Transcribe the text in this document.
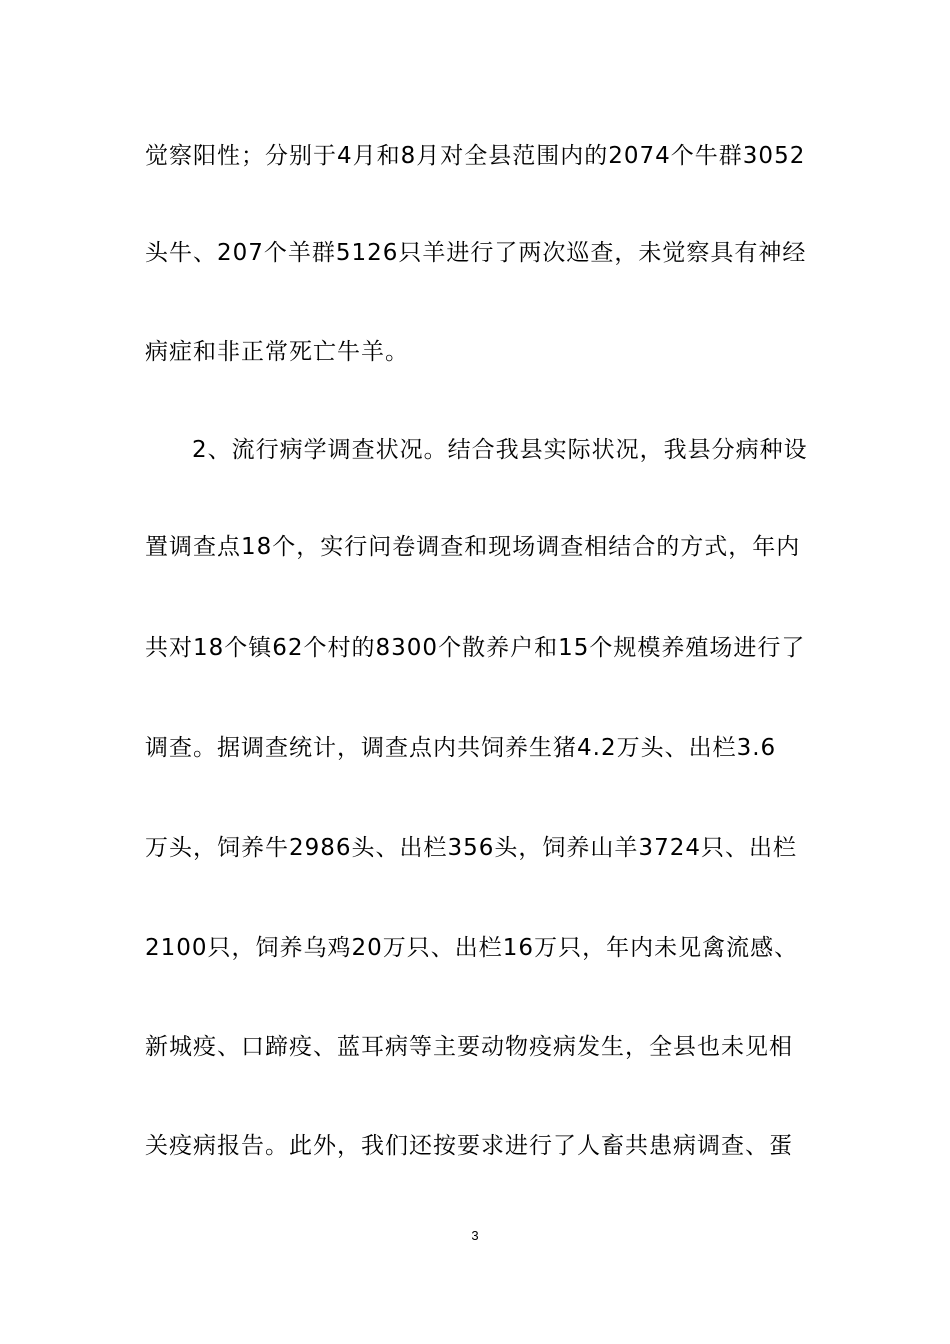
觉察阳性；分别于4月和8月对全县范围内的2074个牛群3052
头牛、207个羊群5126只羊进行了两次巡查，未觉察具有神经
病症和非正常死亡牛羊。
2、流行病学调查状况。结合我县实际状况，我县分病种设
置调查点18个，实行问卷调查和现场调查相结合的方式，年内
共对18个镇62个村的8300个散养户和15个规模养殖场进行了
调查。据调查统计，调查点内共饲养生猪4.2万头、出栏3.6
万头，饲养牛2986头、出栏356头，饲养山羊3724只、出栏
2100只，饲养乌鸡20万只、出栏16万只，年内未见禽流感、
新城疫、口蹄疫、蓝耳病等主要动物疫病发生，全县也未见相
关疫病报告。此外，我们还按要求进行了人畜共患病调查、蛋
3
